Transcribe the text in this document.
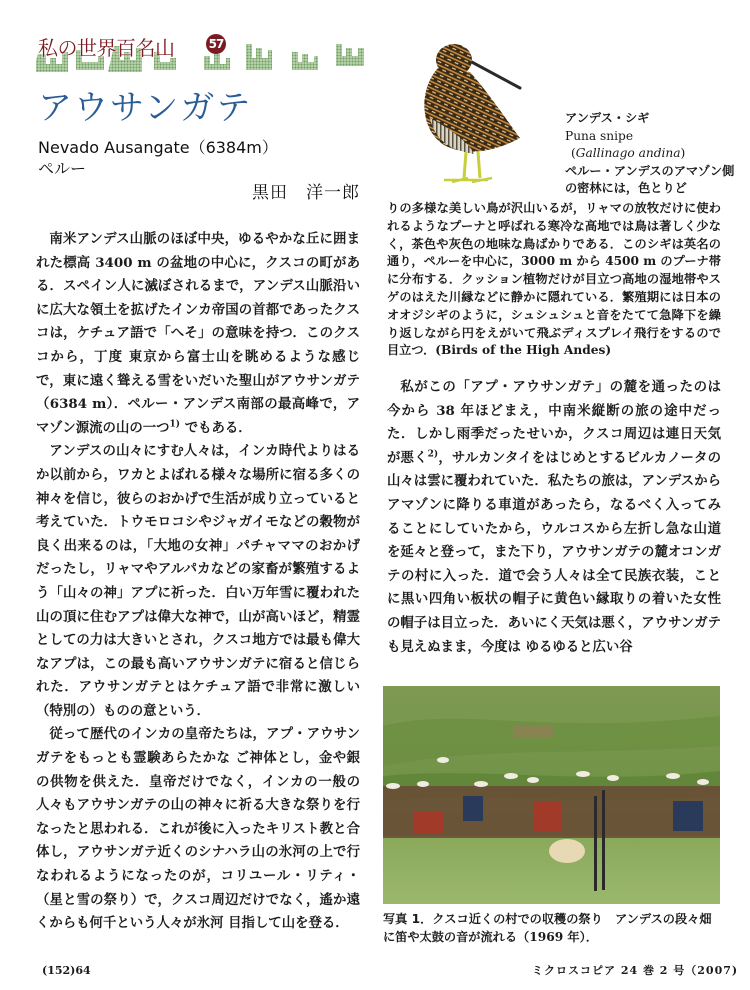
私の世界百名山	57
アウサンガテ
Nevado Ausangate（6384m）
ペルー
黒田　洋一郎

南米アンデス山脈のほぼ中央，ゆるやかな丘に囲まれた標高 3400 m の盆地の中心に，クスコの町がある．スペイン人に滅ぼされるまで，アンデス山脈沿いに広大な領土を拡げたインカ帝国の首都であったクスコは，ケチュア語で「へそ」の意味を持つ．このクスコから，丁度 東京から富士山を眺めるような感じで，東に遠く聳える雪をいだいた聖山がアウサンガテ（6384 m）．ペルー・アンデス南部の最高峰で，アマゾン源流の山の一つ$^{1)}$ でもある．

アンデスの山々にすむ人々は，インカ時代よりはるか以前から，ワカとよばれる様々な場所に宿る多くの神々を信じ，彼らのおかげで生活が成り立っていると考えていた．トウモロコシやジャガイモなどの穀物が良く出来るのは，「大地の女神」パチャママのおかげだったし，リャマやアルパカなどの家畜が繁殖するよう「山々の神」アプに祈った．白い万年雪に覆われた山の頂に住むアプは偉大な神で，山が高いほど，精霊としての力は大きいとされ，クスコ地方では最も偉大なアプは，この最も高いアウサンガテに宿ると信じられた．アウサンガテとはケチュア語で非常に激しい（特別の）ものの意という．

従って歴代のインカの皇帝たちは，アプ・アウサンガテをもっとも霊験あらたかな ご神体とし，金や銀の供物を供えた．皇帝だけでなく，インカの一般の人々もアウサンガテの山の神々に祈る大きな祭りを行なったと思われる．これが後に入ったキリスト教と合体し，アウサンガテ近くのシナハラ山の氷河の上で行なわれるようになったのが，コリユール・リティ・（星と雪の祭り）で，クスコ周辺だけでなく，遙か遠くからも何千という人々が氷河 目指して山を登る．

アンデス・シギ
Puna snipe
(Gallinago andina)
ペルー・アンデスのアマゾン側の密林には，色とりど
りの多様な美しい鳥が沢山いるが，リャマの放牧だけに使われるようなプーナと呼ばれる寒冷な高地では鳥は著しく少なく，茶色や灰色の地味な鳥ばかりである．このシギは英名の通り，ペルーを中心に，3000 m から 4500 m のプーナ帯に分布する．クッション植物だけが目立つ高地の湿地帯やスゲのはえた川縁などに静かに隠れている．繁殖期には日本のオオジシギのように，シュシュシュと音をたてて急降下を繰り返しながら円をえがいて飛ぶディスプレイ飛行をするので目立つ．(Birds of the High Andes)

私がこの「アプ・アウサンガテ」の麓を通ったのは今から 38 年ほどまえ，中南米縦断の旅の途中だった．しかし雨季だったせいか，クスコ周辺は連日天気が悪く$^{2)}$，サルカンタイをはじめとするビルカノータの山々は雲に覆われていた．私たちの旅は，アンデスからアマゾンに降りる車道があったら，なるべく入ってみることにしていたから，ウルコスから左折し急な山道を延々と登って，また下り，アウサンガテの麓オコンガテの村に入った．道で会う人々は全て民族衣装，ことに黒い四角い板状の帽子に黄色い縁取りの着いた女性の帽子は目立った．あいにく天気は悪く，アウサンガテも見えぬまま，今度は ゆるゆると広い谷

写真 1．クスコ近くの村での収穫の祭り　 アンデスの段々畑に笛や太鼓の音が流れる（1969 年）．
(152)64	ミクロスコピア 24 巻 2 号（2007)
